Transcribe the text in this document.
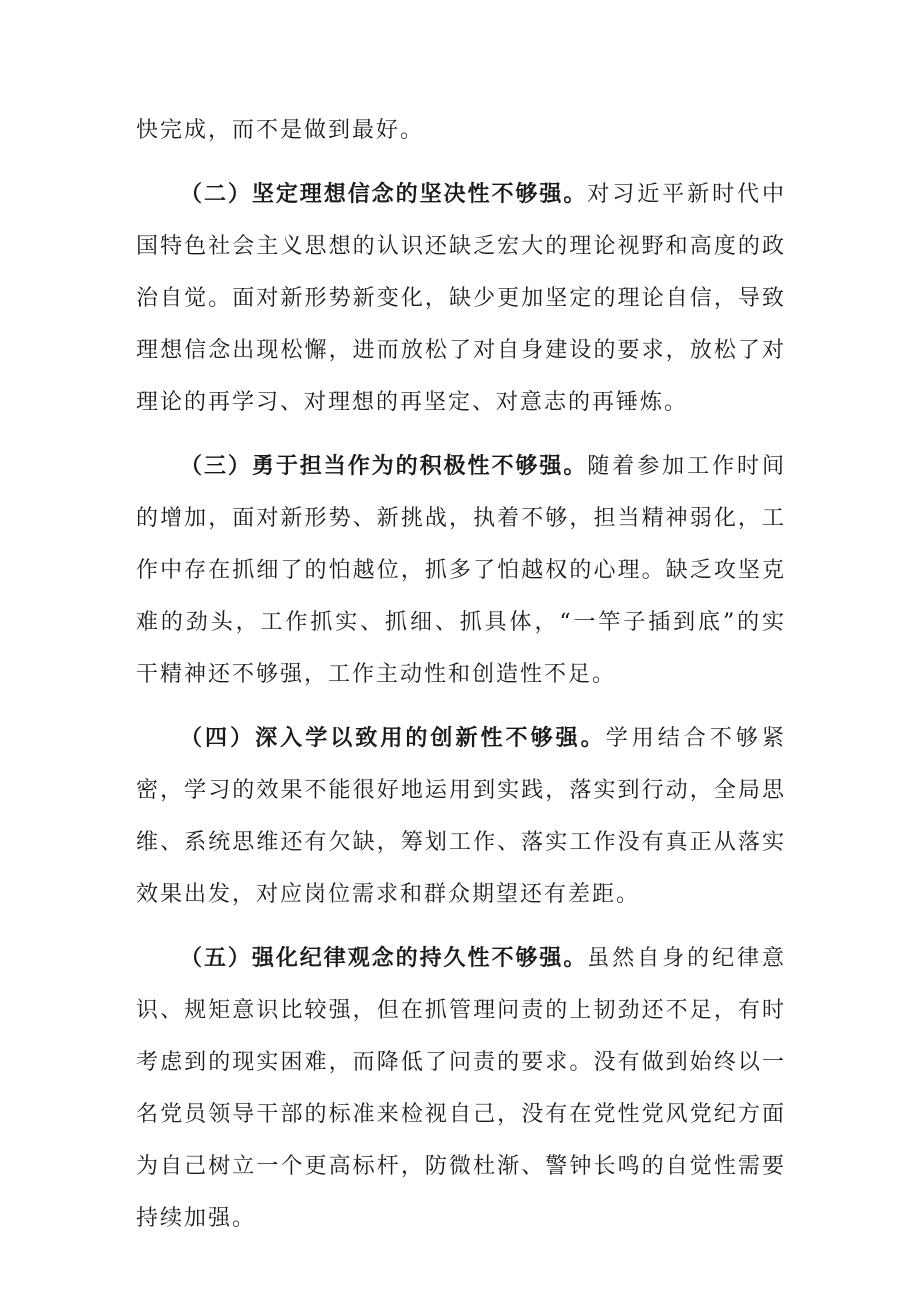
快完成，而不是做到最好。

（二）坚定理想信念的坚决性不够强。对习近平新时代中国特色社会主义思想的认识还缺乏宏大的理论视野和高度的政治自觉。面对新形势新变化，缺少更加坚定的理论自信，导致理想信念出现松懈，进而放松了对自身建设的要求，放松了对理论的再学习、对理想的再坚定、对意志的再锤炼。

（三）勇于担当作为的积极性不够强。随着参加工作时间的增加，面对新形势、新挑战，执着不够，担当精神弱化，工作中存在抓细了的怕越位，抓多了怕越权的心理。缺乏攻坚克难的劲头，工作抓实、抓细、抓具体，“一竿子插到底”的实干精神还不够强，工作主动性和创造性不足。

（四）深入学以致用的创新性不够强。学用结合不够紧密，学习的效果不能很好地运用到实践，落实到行动，全局思维、系统思维还有欠缺，筹划工作、落实工作没有真正从落实效果出发，对应岗位需求和群众期望还有差距。

（五）强化纪律观念的持久性不够强。虽然自身的纪律意识、规矩意识比较强，但在抓管理问责的上韧劲还不足，有时考虑到的现实困难，而降低了问责的要求。没有做到始终以一名党员领导干部的标准来检视自己，没有在党性党风党纪方面为自己树立一个更高标杆，防微杜渐、警钟长鸣的自觉性需要持续加强。
